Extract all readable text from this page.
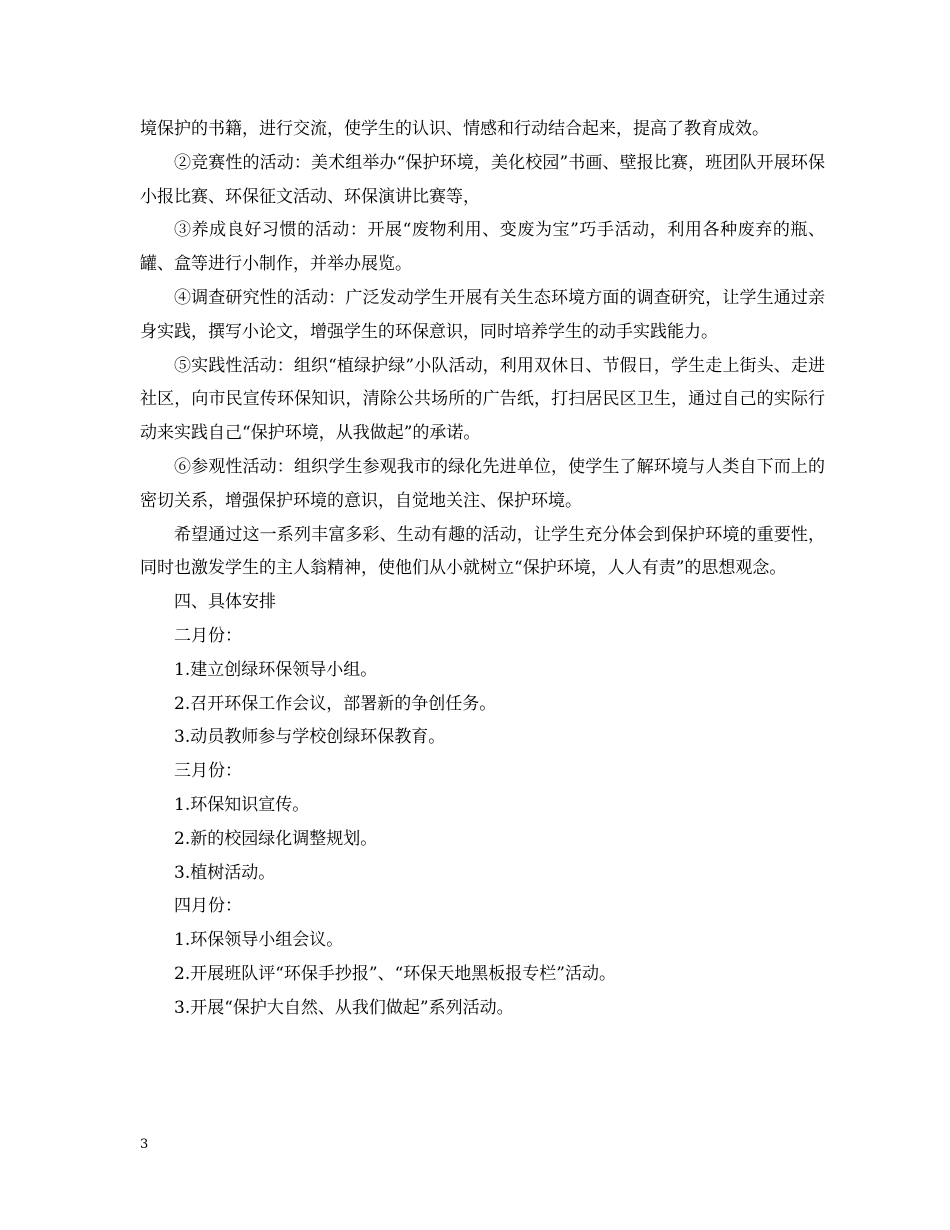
境保护的书籍，进行交流，使学生的认识、情感和行动结合起来，提高了教育成效。

②竞赛性的活动：美术组举办“保护环境，美化校园”书画、壁报比赛，班团队开展环保小报比赛、环保征文活动、环保演讲比赛等，

③养成良好习惯的活动：开展“废物利用、变废为宝”巧手活动，利用各种废弃的瓶、罐、盒等进行小制作，并举办展览。

④调查研究性的活动：广泛发动学生开展有关生态环境方面的调查研究，让学生通过亲身实践，撰写小论文，增强学生的环保意识，同时培养学生的动手实践能力。

⑤实践性活动：组织“植绿护绿”小队活动，利用双休日、节假日，学生走上街头、走进社区，向市民宣传环保知识，清除公共场所的广告纸，打扫居民区卫生，通过自己的实际行动来实践自己“保护环境，从我做起”的承诺。

⑥参观性活动：组织学生参观我市的绿化先进单位，使学生了解环境与人类自下而上的密切关系，增强保护环境的意识，自觉地关注、保护环境。

希望通过这一系列丰富多彩、生动有趣的活动，让学生充分体会到保护环境的重要性，同时也激发学生的主人翁精神，使他们从小就树立“保护环境，人人有责”的思想观念。

四、具体安排

二月份：

1.建立创绿环保领导小组。

2.召开环保工作会议，部署新的争创任务。

3.动员教师参与学校创绿环保教育。

三月份：

1.环保知识宣传。

2.新的校园绿化调整规划。

3.植树活动。

四月份：

1.环保领导小组会议。

2.开展班队评“环保手抄报”、“环保天地黑板报专栏”活动。

3.开展“保护大自然、从我们做起”系列活动。

3
